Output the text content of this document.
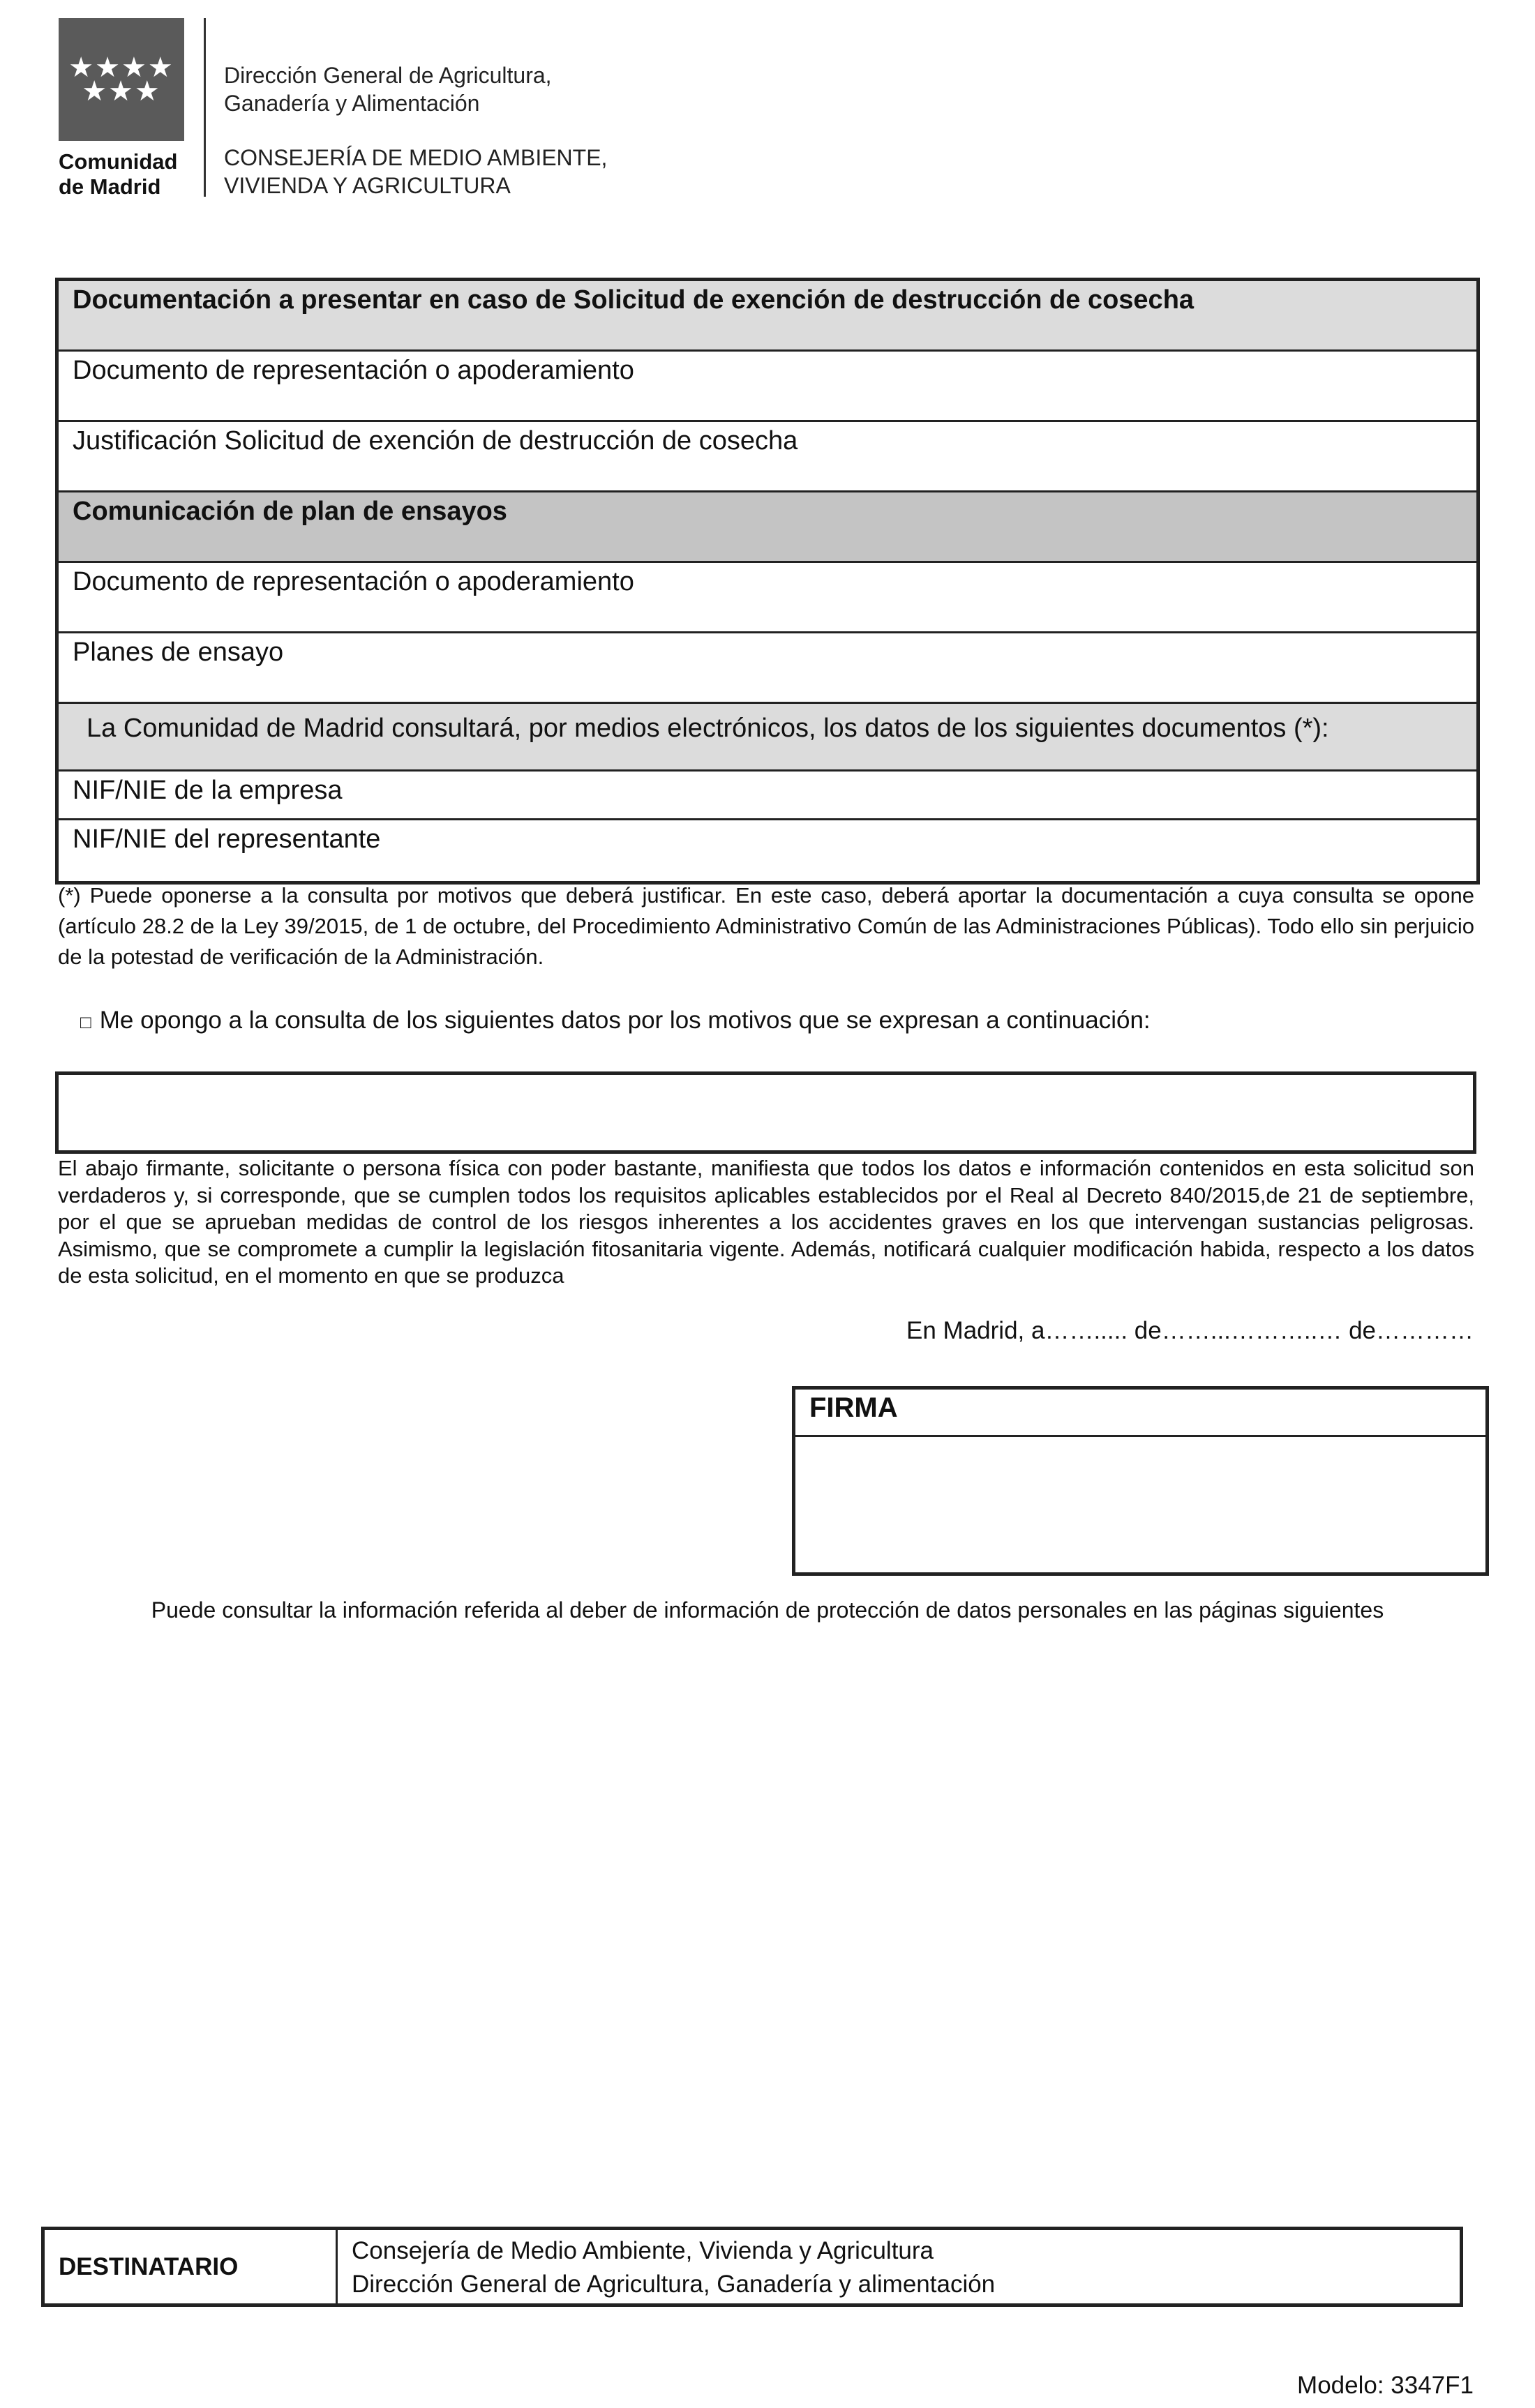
★★★★
★★★
Comunidad
de Madrid
Dirección General de Agricultura,
Ganadería y Alimentación
CONSEJERÍA DE MEDIO AMBIENTE,
VIVIENDA Y AGRICULTURA
Documentación a presentar en caso de Solicitud de exención de destrucción de cosecha
Documento de representación o apoderamiento
Justificación Solicitud de exención de destrucción de cosecha
Comunicación de plan de ensayos
Documento de representación o apoderamiento
Planes de ensayo
La Comunidad de Madrid consultará, por medios electrónicos, los datos de los siguientes documentos (*):
NIF/NIE de la empresa
NIF/NIE del representante
(*) Puede oponerse a la consulta por motivos que deberá justificar. En este caso, deberá aportar la documentación a cuya consulta se opone (artículo 28.2 de la Ley 39/2015, de 1 de octubre, del Procedimiento Administrativo Común de las Administraciones Públicas). Todo ello sin perjuicio de la potestad de verificación de la Administración.
□ Me opongo a la consulta de los siguientes datos por los motivos que se expresan a continuación:
El abajo firmante, solicitante o persona física con poder bastante, manifiesta que todos los datos e información contenidos en esta solicitud son verdaderos y, si corresponde, que se cumplen todos los requisitos aplicables establecidos por el Real al Decreto 840/2015,de 21 de septiembre, por el que se aprueban medidas de control de los riesgos inherentes a los accidentes graves en los que intervengan sustancias peligrosas. Asimismo, que se compromete a cumplir la legislación fitosanitaria vigente. Además, notificará cualquier modificación habida, respecto a los datos de esta solicitud, en el momento en que se produzca
En Madrid, a……..... de……...………..… de…………
FIRMA
Puede consultar la información referida al deber de información de protección de datos personales en las páginas siguientes
DESTINATARIO
Consejería de Medio Ambiente, Vivienda y Agricultura
Dirección General de Agricultura, Ganadería y alimentación
Modelo: 3347F1
